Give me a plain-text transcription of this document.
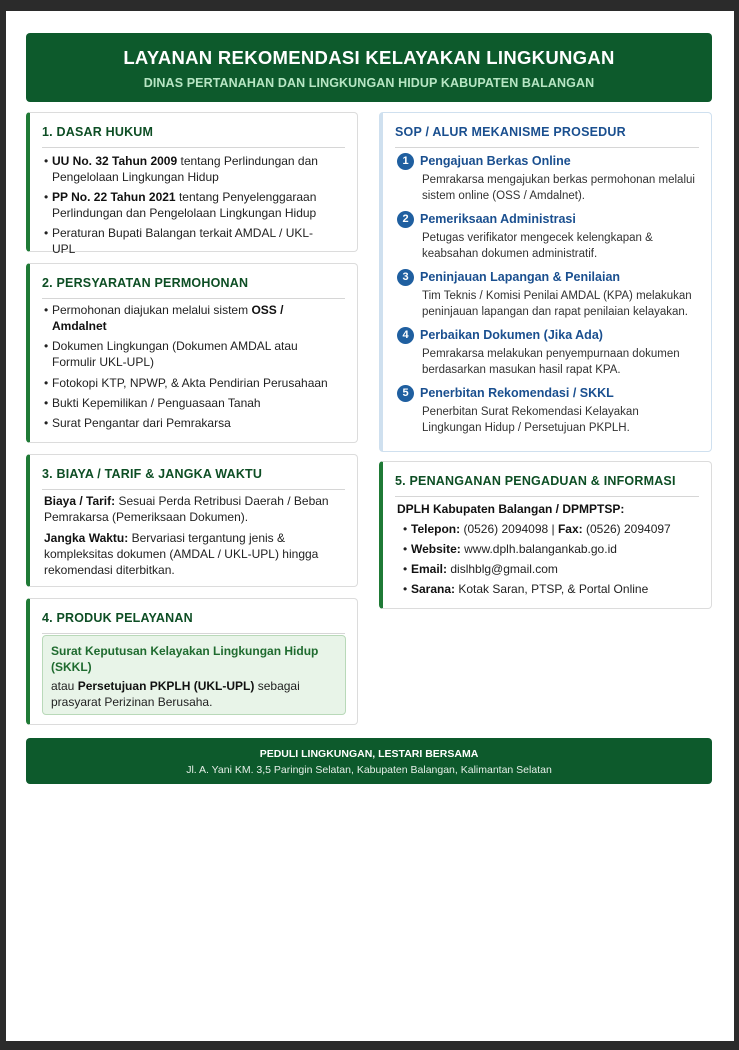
LAYANAN REKOMENDASI KELAYAKAN LINGKUNGAN
DINAS PERTANAHAN DAN LINGKUNGAN HIDUP KABUPATEN BALANGAN
1. DASAR HUKUM
• UU No. 32 Tahun 2009 tentang Perlindungan dan
Pengelolaan Lingkungan Hidup
• PP No. 22 Tahun 2021 tentang Penyelenggaraan
Perlindungan dan Pengelolaan Lingkungan Hidup
• Peraturan Bupati Balangan terkait AMDAL / UKL-UPL
2. PERSYARATAN PERMOHONAN
• Permohonan diajukan melalui sistem OSS /
Amdalnet
• Dokumen Lingkungan (Dokumen AMDAL atau
Formulir UKL-UPL)
• Fotokopi KTP, NPWP, & Akta Pendirian Perusahaan
• Bukti Kepemilikan / Penguasaan Tanah
• Surat Pengantar dari Pemrakarsa
3. BIAYA / TARIF & JANGKA WAKTU
Biaya / Tarif: Sesuai Perda Retribusi Daerah / Beban
Pemrakarsa (Pemeriksaan Dokumen).
Jangka Waktu: Bervariasi tergantung jenis &
kompleksitas dokumen (AMDAL / UKL-UPL) hingga
rekomendasi diterbitkan.
4. PRODUK PELAYANAN
Surat Keputusan Kelayakan Lingkungan Hidup
(SKKL)
atau Persetujuan PKPLH (UKL-UPL) sebagai
prasyarat Perizinan Berusaha.
SOP / ALUR MEKANISME PROSEDUR
1 Pengajuan Berkas Online
Pemrakarsa mengajukan berkas permohonan melalui
sistem online (OSS / Amdalnet).
2 Pemeriksaan Administrasi
Petugas verifikator mengecek kelengkapan &
keabsahan dokumen administratif.
3 Peninjauan Lapangan & Penilaian
Tim Teknis / Komisi Penilai AMDAL (KPA) melakukan
peninjauan lapangan dan rapat penilaian kelayakan.
4 Perbaikan Dokumen (Jika Ada)
Pemrakarsa melakukan penyempurnaan dokumen
berdasarkan masukan hasil rapat KPA.
5 Penerbitan Rekomendasi / SKKL
Penerbitan Surat Rekomendasi Kelayakan
Lingkungan Hidup / Persetujuan PKPLH.
5. PENANGANAN PENGADUAN & INFORMASI
DPLH Kabupaten Balangan / DPMPTSP:
• Telepon: (0526) 2094098 | Fax: (0526) 2094097
• Website: www.dplh.balangankab.go.id
• Email: dislhblg@gmail.com
• Sarana: Kotak Saran, PTSP, & Portal Online
PEDULI LINGKUNGAN, LESTARI BERSAMA
Jl. A. Yani KM. 3,5 Paringin Selatan, Kabupaten Balangan, Kalimantan Selatan
